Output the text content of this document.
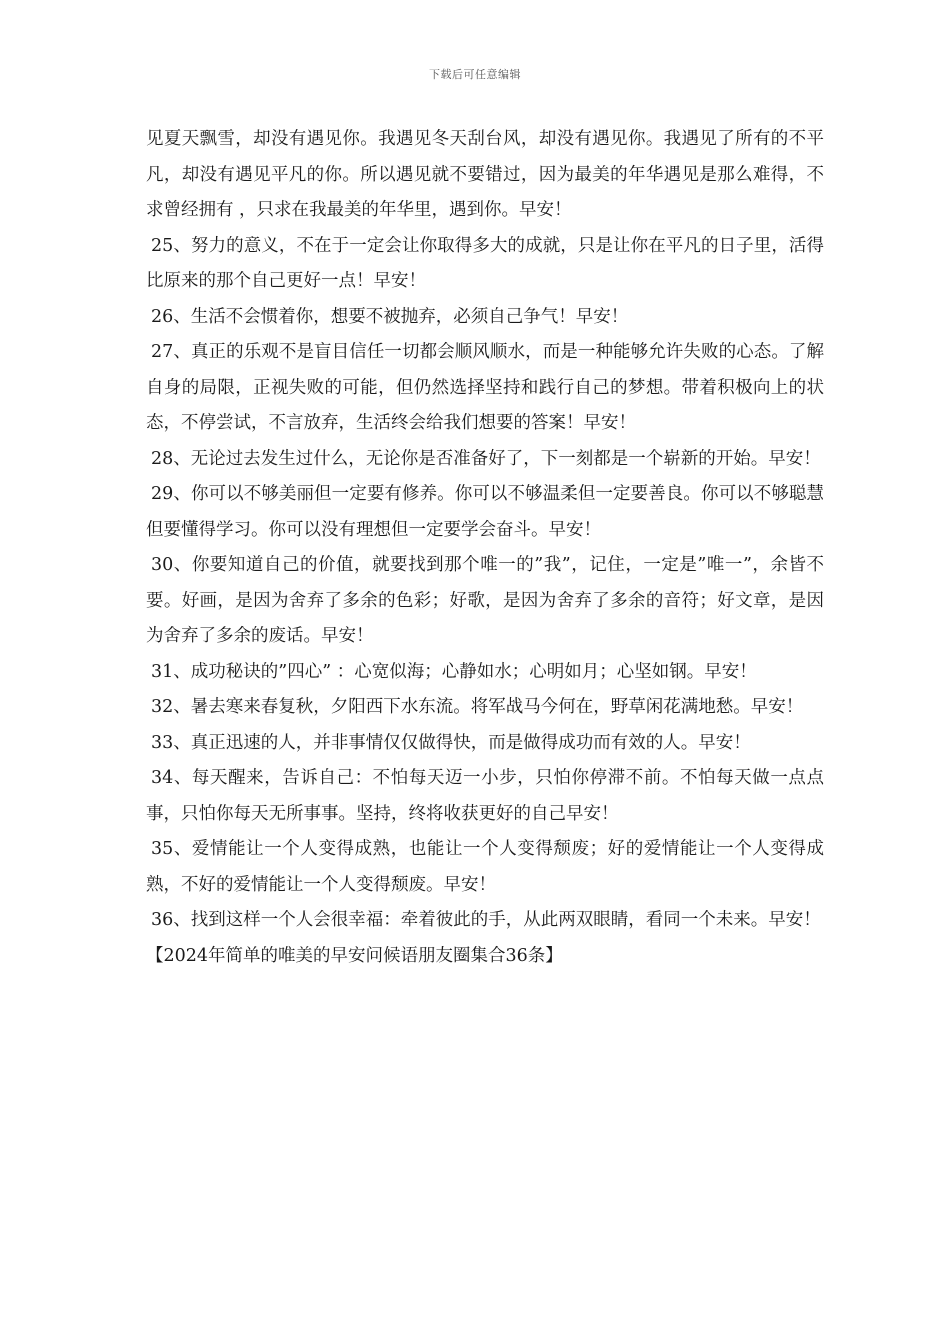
下载后可任意编辑

见夏天飘雪，却没有遇见你。我遇见冬天刮台风，却没有遇见你。我遇见了所有的不平凡，却没有遇见平凡的你。所以遇见就不要错过，因为最美的年华遇见是那么难得，不求曾经拥有 ，只求在我最美的年华里，遇到你。早安！

25、努力的意义，不在于一定会让你取得多大的成就，只是让你在平凡的日子里，活得比原来的那个自己更好一点！早安！

26、生活不会惯着你，想要不被抛弃，必须自己争气！早安！

27、真正的乐观不是盲目信任一切都会顺风顺水，而是一种能够允许失败的心态。了解自身的局限，正视失败的可能，但仍然选择坚持和践行自己的梦想。带着积极向上的状态，不停尝试，不言放弃，生活终会给我们想要的答案！早安！

28、无论过去发生过什么，无论你是否准备好了，下一刻都是一个崭新的开始。早安！

29、你可以不够美丽但一定要有修养。你可以不够温柔但一定要善良。你可以不够聪慧但要懂得学习。你可以没有理想但一定要学会奋斗。早安！

30、你要知道自己的价值，就要找到那个唯一的”我”，记住，一定是”唯一”，余皆不要。好画，是因为舍弃了多余的色彩；好歌，是因为舍弃了多余的音符；好文章，是因为舍弃了多余的废话。早安！

31、成功秘诀的”四心” ：心宽似海；心静如水；心明如月；心坚如钢。早安！

32、暑去寒来春复秋，夕阳西下水东流。将军战马今何在，野草闲花满地愁。早安！

33、真正迅速的人，并非事情仅仅做得快，而是做得成功而有效的人。早安！

34、每天醒来，告诉自己：不怕每天迈一小步，只怕你停滞不前。不怕每天做一点点事，只怕你每天无所事事。坚持，终将收获更好的自己早安！

35、爱情能让一个人变得成熟，也能让一个人变得颓废；好的爱情能让一个人变得成熟，不好的爱情能让一个人变得颓废。早安！

36、找到这样一个人会很幸福：牵着彼此的手，从此两双眼睛，看同一个未来。早安！

【2024年简单的唯美的早安问候语朋友圈集合36条】
